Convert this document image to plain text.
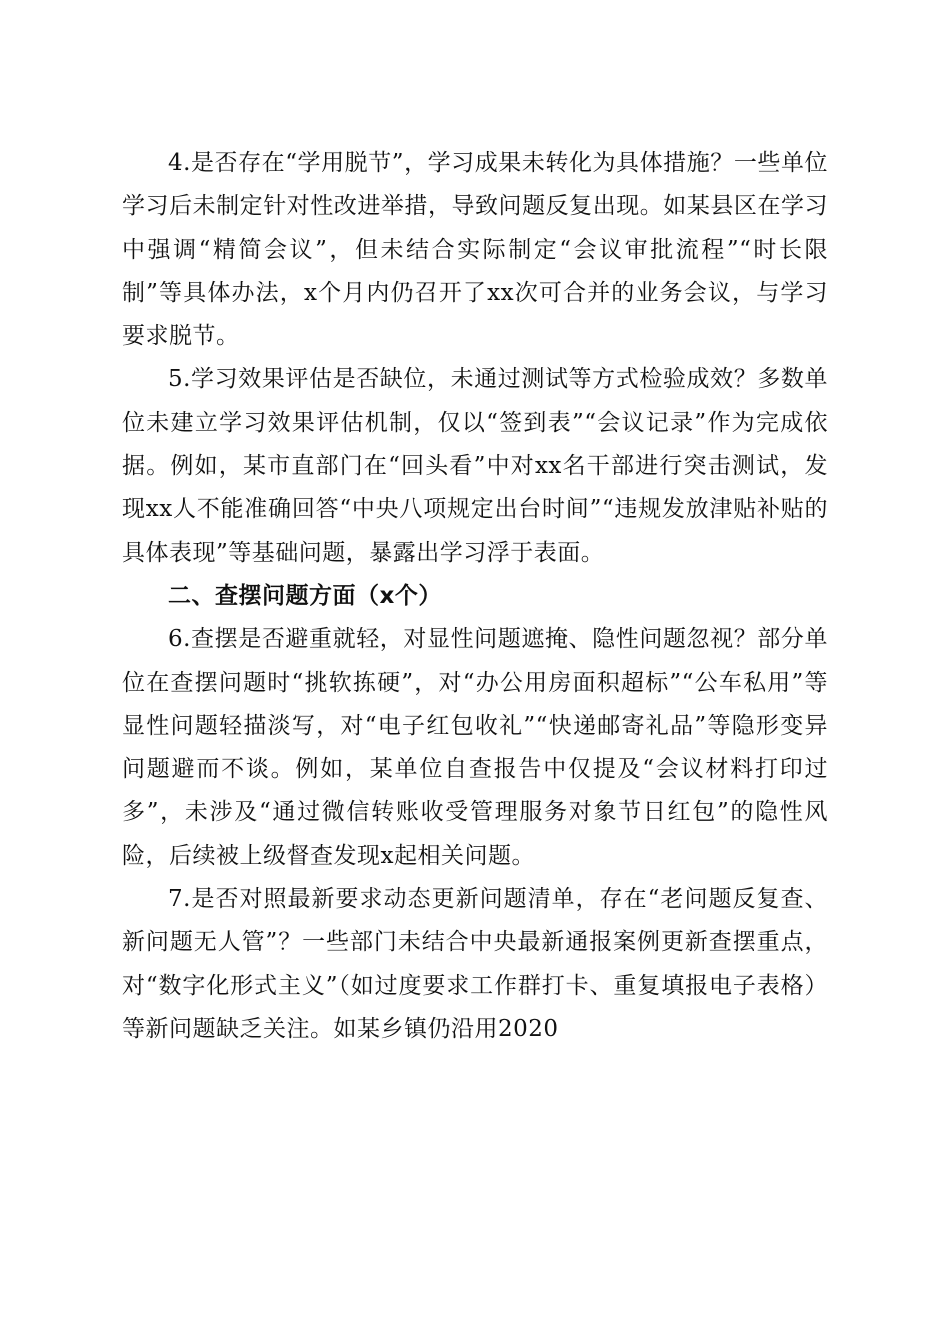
4.是否存在“学用脱节”，学习成果未转化为具体措施？一些单位学习后未制定针对性改进举措，导致问题反复出现。如某县区在学习中强调“精简会议”，但未结合实际制定“会议审批流程”“时长限制”等具体办法，x个月内仍召开了xx次可合并的业务会议，与学习要求脱节。

5.学习效果评估是否缺位，未通过测试等方式检验成效？多数单位未建立学习效果评估机制，仅以“签到表”“会议记录”作为完成依据。例如，某市直部门在“回头看”中对xx名干部进行突击测试，发现xx人不能准确回答“中央八项规定出台时间”“违规发放津贴补贴的具体表现”等基础问题，暴露出学习浮于表面。

二、查摆问题方面（x个）

6.查摆是否避重就轻，对显性问题遮掩、隐性问题忽视？部分单位在查摆问题时“挑软拣硬”，对“办公用房面积超标”“公车私用”等显性问题轻描淡写，对“电子红包收礼”“快递邮寄礼品”等隐形变异问题避而不谈。例如，某单位自查报告中仅提及“会议材料打印过多”，未涉及“通过微信转账收受管理服务对象节日红包”的隐性风险，后续被上级督查发现x起相关问题。

7.是否对照最新要求动态更新问题清单，存在“老问题反复查、新问题无人管”？一些部门未结合中央最新通报案例更新查摆重点，对“数字化形式主义”（如过度要求工作群打卡、重复填报电子表格）等新问题缺乏关注。如某乡镇仍沿用2020
